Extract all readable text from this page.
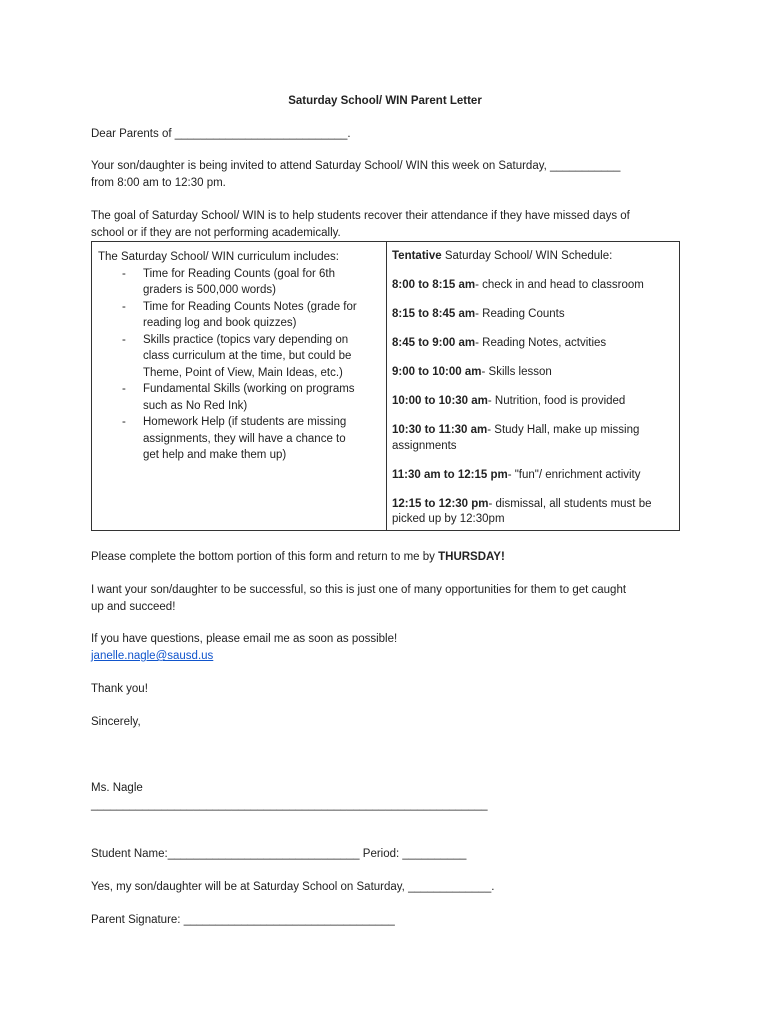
Saturday School/ WIN Parent Letter
Dear Parents of ___________________________.
Your son/daughter is being invited to attend Saturday School/ WIN this week on Saturday, ___________
from 8:00 am to 12:30 pm.
The goal of Saturday School/ WIN is to help students recover their attendance if they have missed days of
school or if they are not performing academically.
The Saturday School/ WIN curriculum includes:
- Time for Reading Counts (goal for 6th
graders is 500,000 words)
- Time for Reading Counts Notes (grade for
reading log and book quizzes)
- Skills practice (topics vary depending on
class curriculum at the time, but could be
Theme, Point of View, Main Ideas, etc.)
- Fundamental Skills (working on programs
such as No Red Ink)
- Homework Help (if students are missing
assignments, they will have a chance to
get help and make them up)
Tentative Saturday School/ WIN Schedule:
8:00 to 8:15 am- check in and head to classroom
8:15 to 8:45 am- Reading Counts
8:45 to 9:00 am- Reading Notes, actvities
9:00 to 10:00 am- Skills lesson
10:00 to 10:30 am- Nutrition, food is provided
10:30 to 11:30 am- Study Hall, make up missing
assignments
11:30 am to 12:15 pm- "fun"/ enrichment activity
12:15 to 12:30 pm- dismissal, all students must be
picked up by 12:30pm
Please complete the bottom portion of this form and return to me by THURSDAY!
I want your son/daughter to be successful, so this is just one of many opportunities for them to get caught
up and succeed!
If you have questions, please email me as soon as possible!
janelle.nagle@sausd.us
Thank you!
Sincerely,
Ms. Nagle
______________________________________________________________
Student Name:______________________________ Period: __________
Yes, my son/daughter will be at Saturday School on Saturday, _____________.
Parent Signature: _________________________________
